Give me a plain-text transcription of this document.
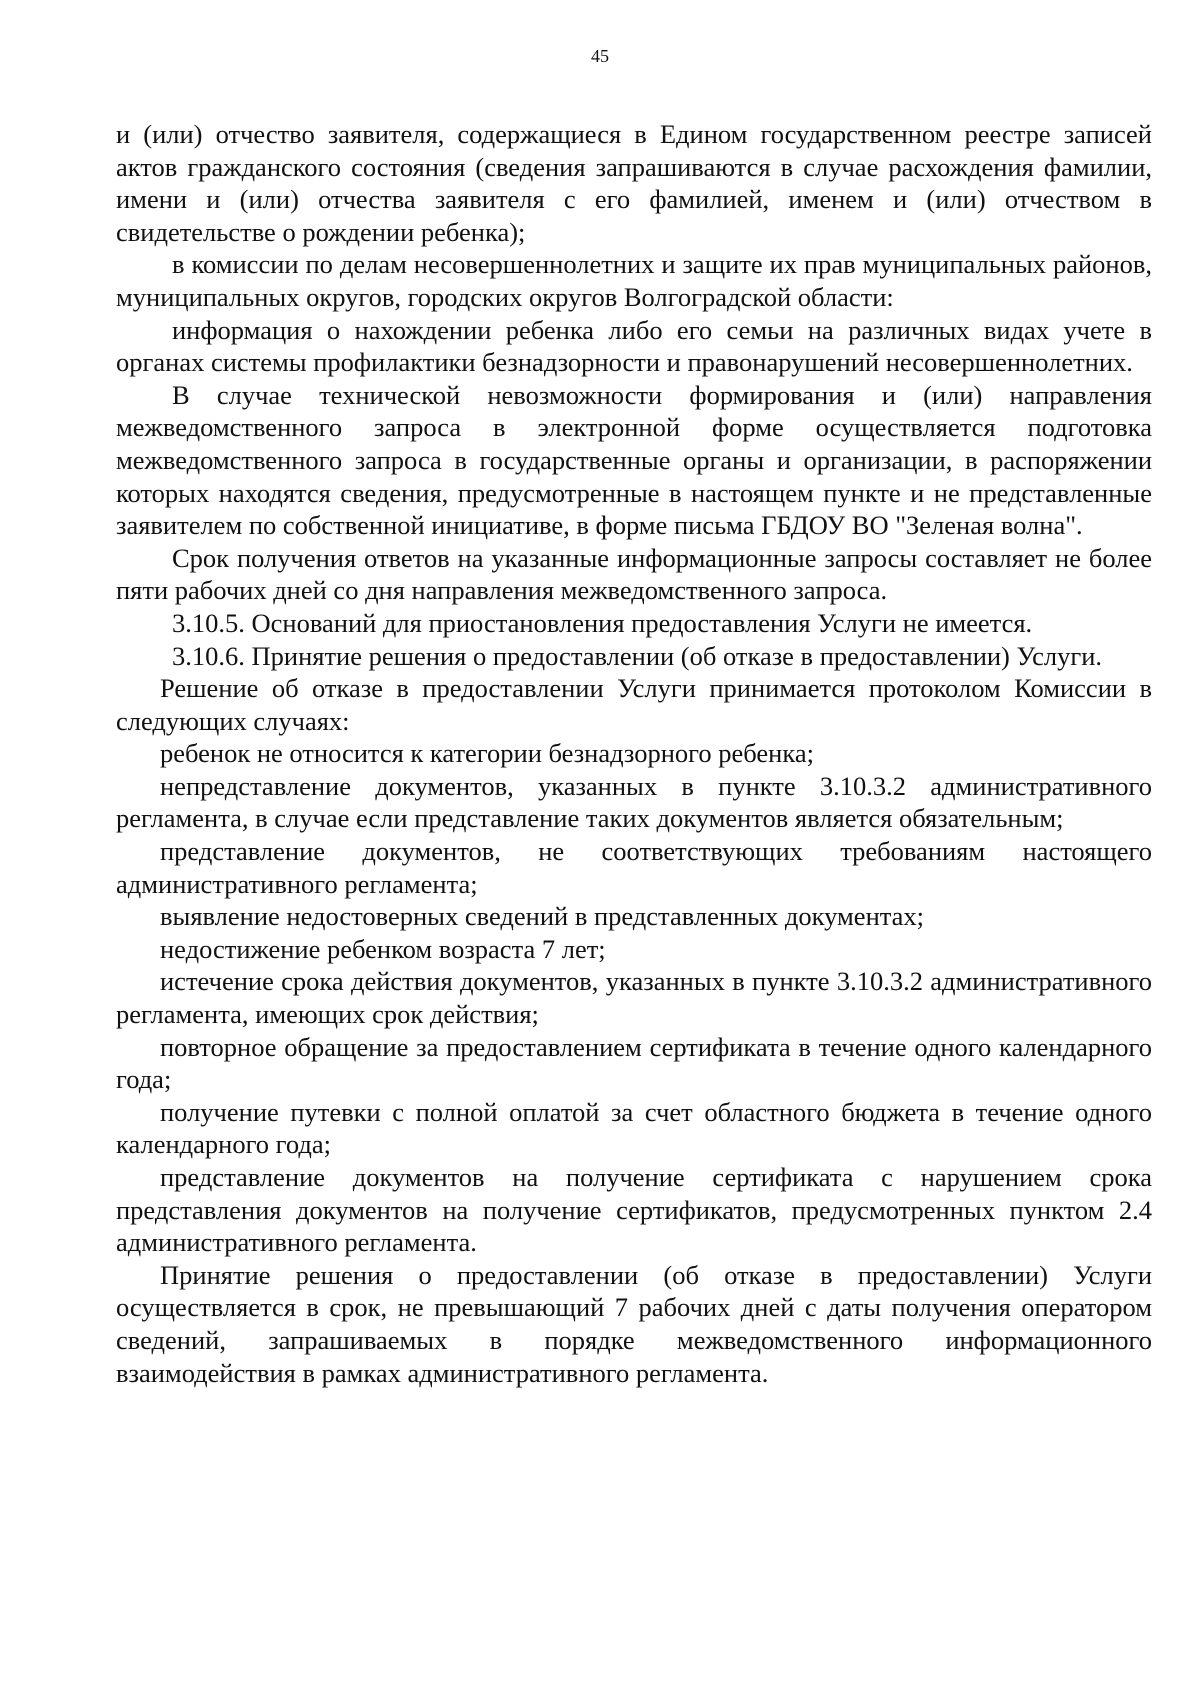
45

и (или) отчество заявителя, содержащиеся в Едином государственном реестре записей актов гражданского состояния (сведения запрашиваются в случае расхождения фамилии, имени и (или) отчества заявителя с его фамилией, именем и (или) отчеством в свидетельстве о рождении ребенка);

в комиссии по делам несовершеннолетних и защите их прав муниципальных районов, муниципальных округов, городских округов Волгоградской области:

информация о нахождении ребенка либо его семьи на различных видах учете в органах системы профилактики безнадзорности и правонарушений несовершеннолетних.

В случае технической невозможности формирования и (или) направления межведомственного запроса в электронной форме осуществляется подготовка межведомственного запроса в государственные органы и организации, в распоряжении которых находятся сведения, предусмотренные в настоящем пункте и не представленные заявителем по собственной инициативе, в форме письма ГБДОУ ВО "Зеленая волна".

Срок получения ответов на указанные информационные запросы составляет не более пяти рабочих дней со дня направления межведомственного запроса.

3.10.5. Оснований для приостановления предоставления Услуги не имеется.

3.10.6. Принятие решения о предоставлении (об отказе в предоставлении) Услуги.

Решение об отказе в предоставлении Услуги принимается протоколом Комиссии в следующих случаях:

ребенок не относится к категории безнадзорного ребенка;

непредставление документов, указанных в пункте 3.10.3.2 административного регламента, в случае если представление таких документов является обязательным;

представление документов, не соответствующих требованиям настоящего административного регламента;

выявление недостоверных сведений в представленных документах;

недостижение ребенком возраста 7 лет;

истечение срока действия документов, указанных в пункте 3.10.3.2 административного регламента, имеющих срок действия;

повторное обращение за предоставлением сертификата в течение одного календарного года;

получение путевки с полной оплатой за счет областного бюджета в течение одного календарного года;

представление документов на получение сертификата с нарушением срока представления документов на получение сертификатов, предусмотренных пунктом 2.4 административного регламента.

Принятие решения о предоставлении (об отказе в предоставлении) Услуги осуществляется в срок, не превышающий 7 рабочих дней с даты получения оператором сведений, запрашиваемых в порядке межведомственного информационного взаимодействия в рамках административного регламента.
